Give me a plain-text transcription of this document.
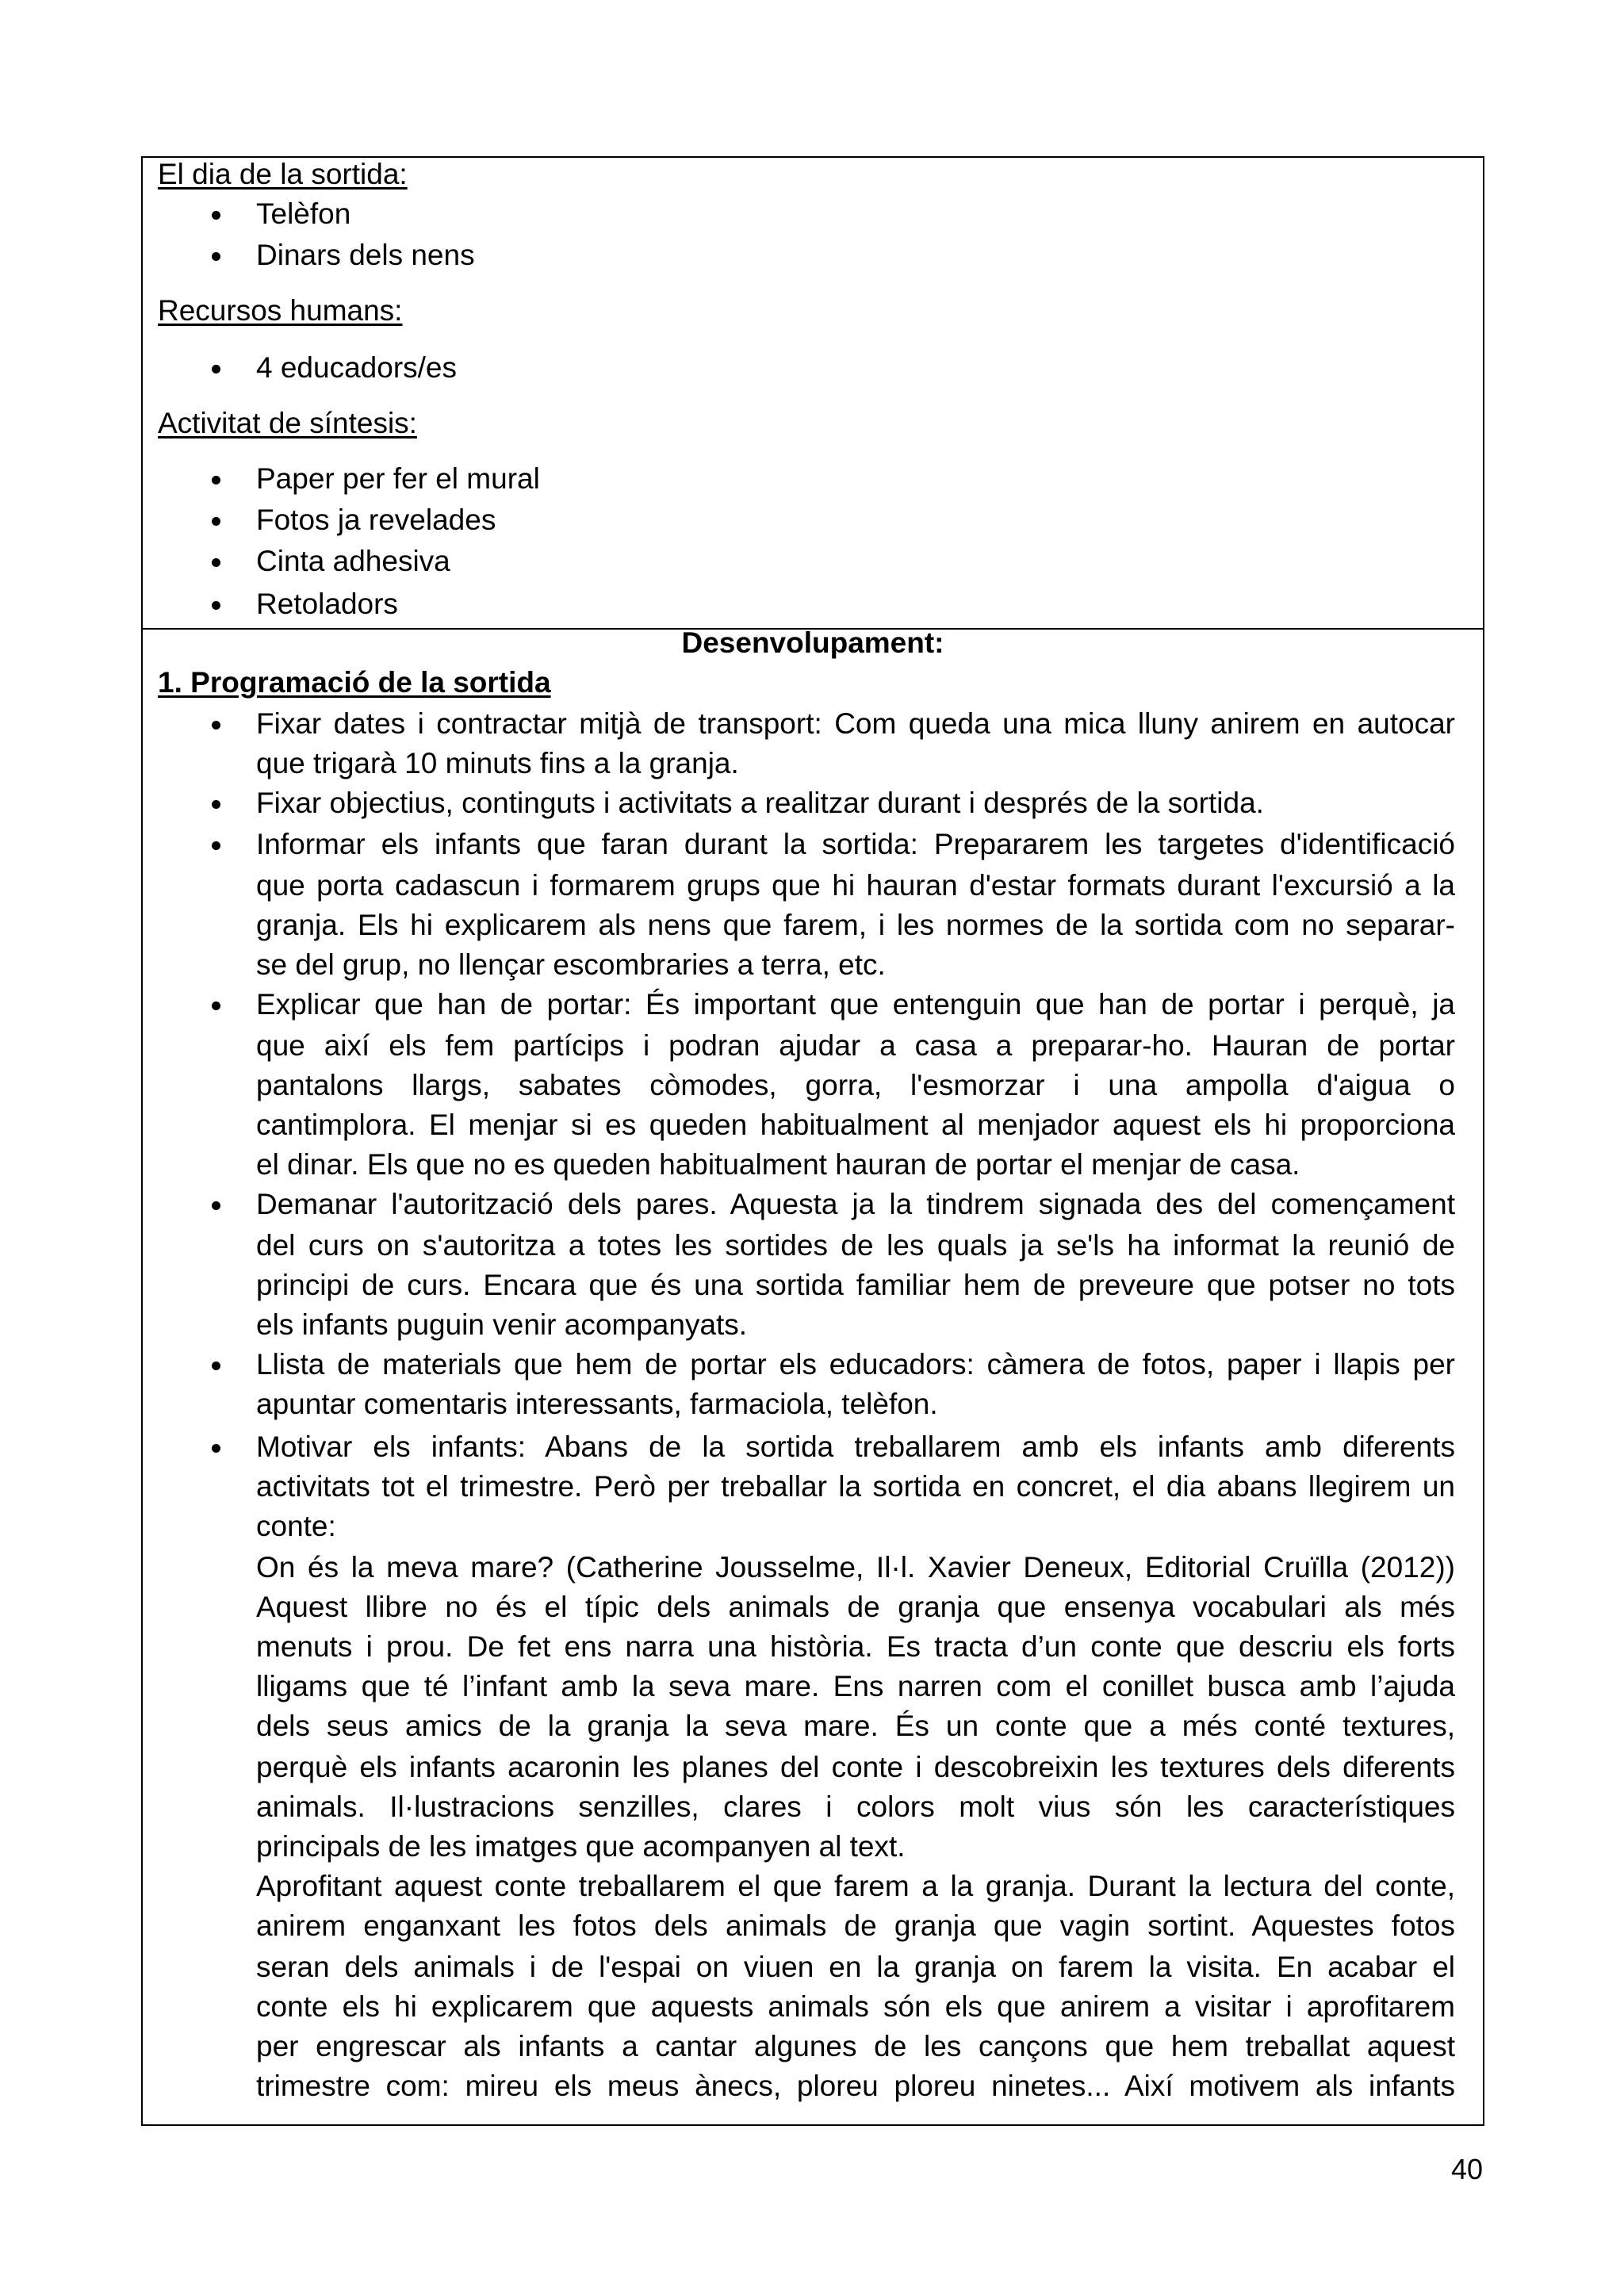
El dia de la sortida:
Telèfon
Dinars dels nens
Recursos humans:
4 educadors/es
Activitat de síntesis:
Paper per fer el mural
Fotos ja revelades
Cinta adhesiva
Retoladors
Desenvolupament:
1. Programació de la sortida
Fixar dates i contractar mitjà de transport: Com queda una mica lluny anirem en autocar
que trigarà 10 minuts fins a la granja.
Fixar objectius, continguts i activitats a realitzar durant i després de la sortida.
Informar els infants que faran durant la sortida: Prepararem les targetes d'identificació
que porta cadascun i formarem grups que hi hauran d'estar formats durant l'excursió a la
granja. Els hi explicarem als nens que farem, i les normes de la sortida com no separar-
se del grup, no llençar escombraries a terra, etc.
Explicar que han de portar: És important que entenguin que han de portar i perquè, ja
que així els fem partícips i podran ajudar a casa a preparar-ho. Hauran de portar
pantalons llargs, sabates còmodes, gorra, l'esmorzar i una ampolla d'aigua o
cantimplora. El menjar si es queden habitualment al menjador aquest els hi proporciona
el dinar. Els que no es queden habitualment hauran de portar el menjar de casa.
Demanar l'autorització dels pares. Aquesta ja la tindrem signada des del començament
del curs on s'autoritza a totes les sortides de les quals ja se'ls ha informat la reunió de
principi de curs. Encara que és una sortida familiar hem de preveure que potser no tots
els infants puguin venir acompanyats.
Llista de materials que hem de portar els educadors: càmera de fotos, paper i llapis per
apuntar comentaris interessants, farmaciola, telèfon.
Motivar els infants: Abans de la sortida treballarem amb els infants amb diferents
activitats tot el trimestre. Però per treballar la sortida en concret, el dia abans llegirem un
conte:
On és la meva mare? (Catherine Jousselme, Il·l. Xavier Deneux, Editorial Cruïlla (2012))
Aquest llibre no és el típic dels animals de granja que ensenya vocabulari als més
menuts i prou. De fet ens narra una història. Es tracta d’un conte que descriu els forts
lligams que té l’infant amb la seva mare. Ens narren com el conillet busca amb l’ajuda
dels seus amics de la granja la seva mare. És un conte que a més conté textures,
perquè els infants acaronin les planes del conte i descobreixin les textures dels diferents
animals. Il·lustracions senzilles, clares i colors molt vius són les característiques
principals de les imatges que acompanyen al text.
Aprofitant aquest conte treballarem el que farem a la granja. Durant la lectura del conte,
anirem enganxant les fotos dels animals de granja que vagin sortint. Aquestes fotos
seran dels animals i de l'espai on viuen en la granja on farem la visita. En acabar el
conte els hi explicarem que aquests animals són els que anirem a visitar i aprofitarem
per engrescar als infants a cantar algunes de les cançons que hem treballat aquest
trimestre com: mireu els meus ànecs, ploreu ploreu ninetes... Així motivem als infants
40
